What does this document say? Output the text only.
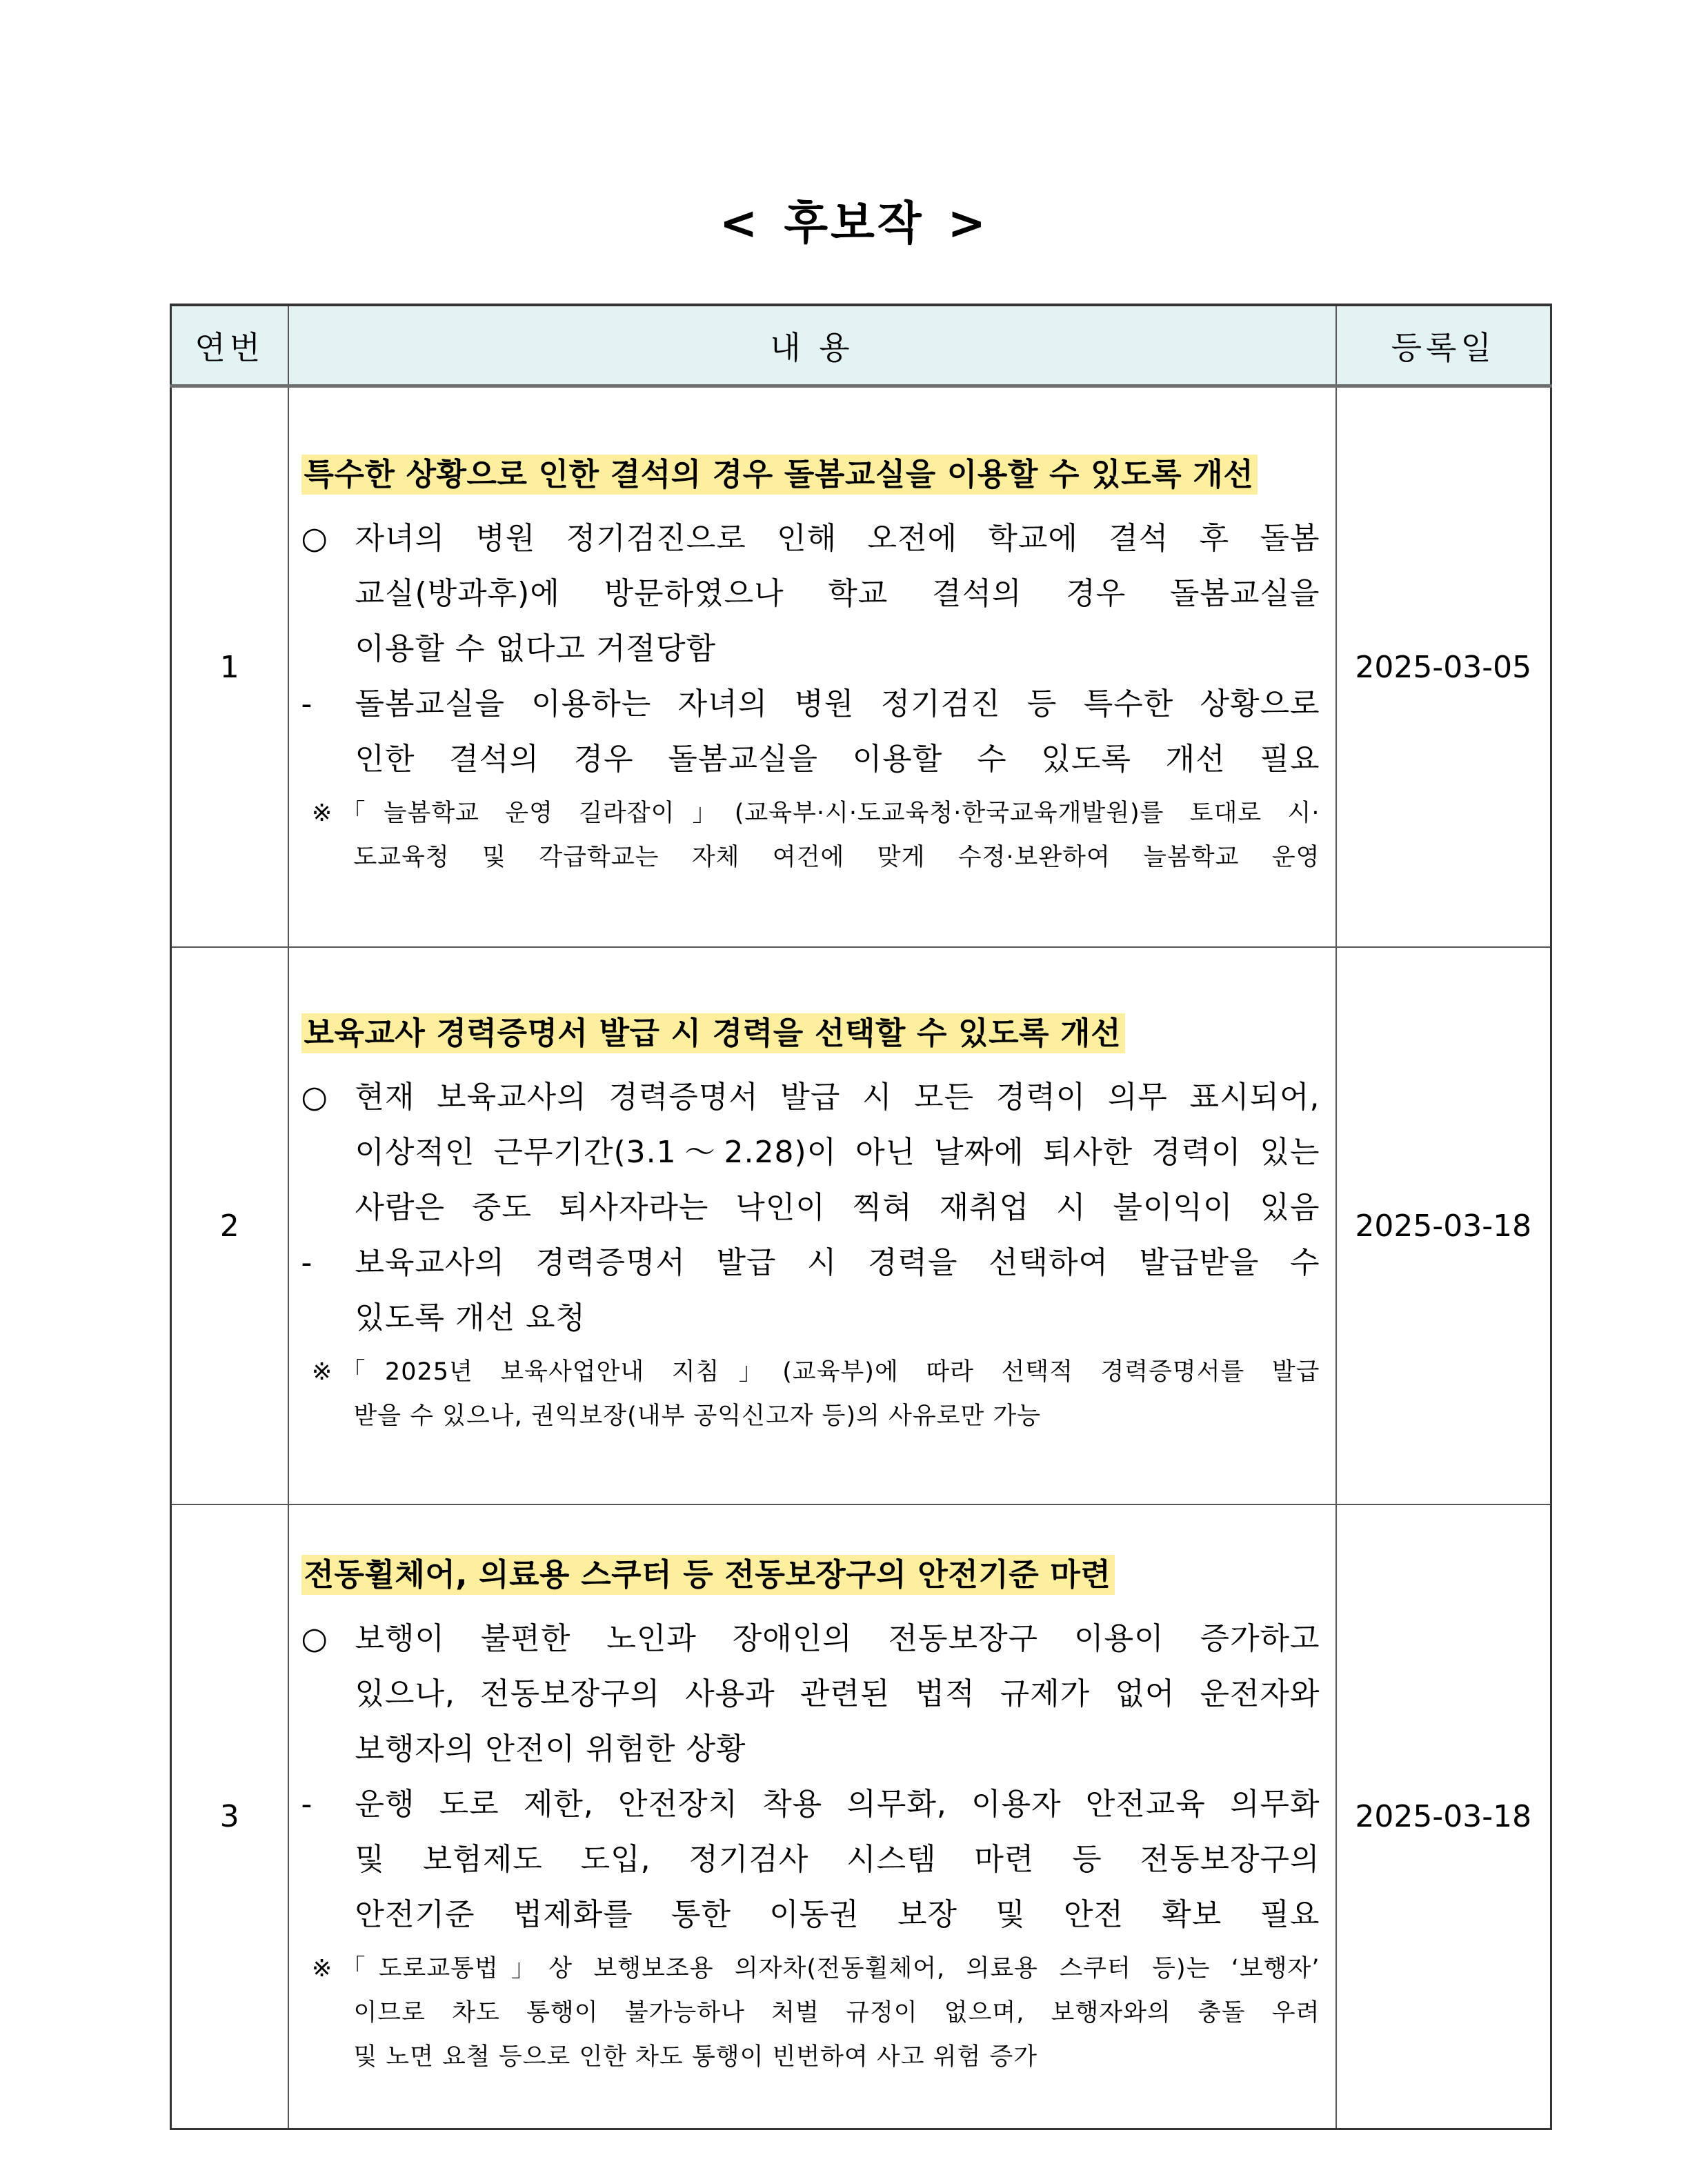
< 후보작 >
연번	내 용	등록일
1	
특수한 상황으로 인한 결석의 경우 돌봄교실을 이용할 수 있도록 개선
○ 자녀의 병원 정기검진으로 인해 오전에 학교에 결석 후 돌봄
교실(방과후)에 방문하였으나 학교 결석의 경우 돌봄교실을
이용할 수 없다고 거절당함
-	돌봄교실을 이용하는 자녀의 병원 정기검진 등 특수한 상황으로
인한 결석의 경우 돌봄교실을 이용할 수 있도록 개선 필요
※ 「늘봄학교 운영 길라잡이」(교육부·시·도교육청·한국교육개발원)를 토대로 시·
도교육청 및 각급학교는 자체 여건에 맞게 수정·보완하여 늘봄학교 운영
	2025-03-05
2	
보육교사 경력증명서 발급 시 경력을 선택할 수 있도록 개선
○ 현재 보육교사의 경력증명서 발급 시 모든 경력이 의무 표시되어,
이상적인 근무기간(3.1～2.28)이 아닌 날짜에 퇴사한 경력이 있는
사람은 중도 퇴사자라는 낙인이 찍혀 재취업 시 불이익이 있음
-	보육교사의 경력증명서 발급 시 경력을 선택하여 발급받을 수
있도록 개선 요청
※ 「2025년 보육사업안내 지침」(교육부)에 따라 선택적 경력증명서를 발급
받을 수 있으나, 권익보장(내부 공익신고자 등)의 사유로만 가능
	2025-03-18
3	
전동휠체어, 의료용 스쿠터 등 전동보장구의 안전기준 마련
○ 보행이 불편한 노인과 장애인의 전동보장구 이용이 증가하고
있으나, 전동보장구의 사용과 관련된 법적 규제가 없어 운전자와
보행자의 안전이 위험한 상황
-	운행 도로 제한, 안전장치 착용 의무화, 이용자 안전교육 의무화
및 보험제도 도입, 정기검사 시스템 마련 등 전동보장구의
안전기준 법제화를 통한 이동권 보장 및 안전 확보 필요
※ 「도로교통법」상 보행보조용 의자차(전동휠체어, 의료용 스쿠터 등)는 ‘보행자’
이므로 차도 통행이 불가능하나 처벌 규정이 없으며, 보행자와의 충돌 우려
및 노면 요철 등으로 인한 차도 통행이 빈번하여 사고 위험 증가
	2025-03-18
